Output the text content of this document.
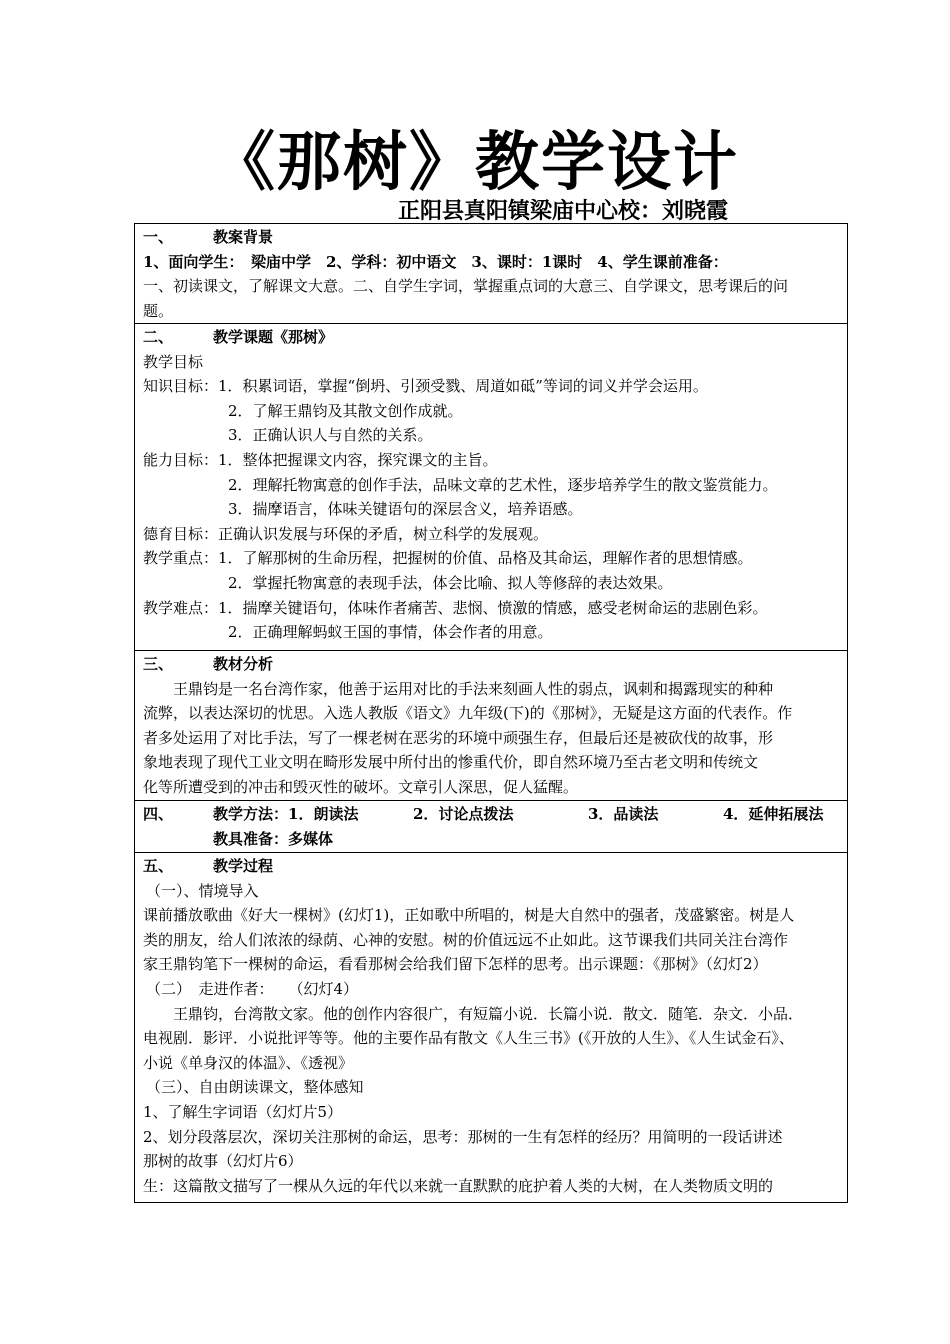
《那树》教学设计
正阳县真阳镇梁庙中心校：刘晓霞

一、	教案背景

1、面向学生：　梁庙中学　2、学科：初中语文　3、课时：1课时　4、学生课前准备：

一、初读课文，了解课文大意。二、自学生字词，掌握重点词的大意三、自学课文，思考课后的问

题。

二、	教学课题《那树》

教学目标

知识目标：1．积累词语，掌握“倒坍、引颈受戮、周道如砥”等词的词义并学会运用。

2．了解王鼎钧及其散文创作成就。

3．正确认识人与自然的关系。

能力目标：1．整体把握课文内容，探究课文的主旨。

2．理解托物寓意的创作手法，品味文章的艺术性，逐步培养学生的散文鉴赏能力。

3．揣摩语言，体味关键语句的深层含义，培养语感。

德育目标：正确认识发展与环保的矛盾，树立科学的发展观。

教学重点：1．了解那树的生命历程，把握树的价值、品格及其命运，理解作者的思想情感。

2．掌握托物寓意的表现手法，体会比喻、拟人等修辞的表达效果。

教学难点：1．揣摩关键语句，体味作者痛苦、悲悯、愤激的情感，感受老树命运的悲剧色彩。

2．正确理解蚂蚁王国的事情，体会作者的用意。

三、	教材分析

王鼎钧是一名台湾作家，他善于运用对比的手法来刻画人性的弱点，讽刺和揭露现实的种种

流弊，以表达深切的忧思。入选人教版《语文》九年级(下)的《那树》，无疑是这方面的代表作。作

者多处运用了对比手法，写了一棵老树在恶劣的环境中顽强生存，但最后还是被砍伐的故事，形

象地表现了现代工业文明在畸形发展中所付出的惨重代价，即自然环境乃至古老文明和传统文

化等所遭受到的冲击和毁灭性的破坏。文章引人深思，促人猛醒。

四、	教学方法：1．朗读法	2．讨论点拨法	3．品读法	4．延伸拓展法

教具准备：多媒体

五、	教学过程

（一）、情境导入

课前播放歌曲《好大一棵树》(幻灯1)，正如歌中所唱的，树是大自然中的强者，茂盛繁密。树是人

类的朋友，给人们浓浓的绿荫、心神的安慰。树的价值远远不止如此。这节课我们共同关注台湾作

家王鼎钧笔下一棵树的命运，看看那树会给我们留下怎样的思考。出示课题：《那树》（幻灯2）

（二）　走进作者：　　（幻灯4）

王鼎钧，台湾散文家。他的创作内容很广，有短篇小说．长篇小说．散文．随笔．杂文．小品．

电视剧．影评．小说批评等等。他的主要作品有散文《人生三书》(《开放的人生》、《人生试金石》、

小说《单身汉的体温》、《透视》

（三）、自由朗读课文，整体感知

1、了解生字词语（幻灯片5）

2、划分段落层次，深切关注那树的命运，思考：那树的一生有怎样的经历？用简明的一段话讲述

那树的故事（幻灯片6）

生：这篇散文描写了一棵从久远的年代以来就一直默默的庇护着人类的大树，在人类物质文明的
